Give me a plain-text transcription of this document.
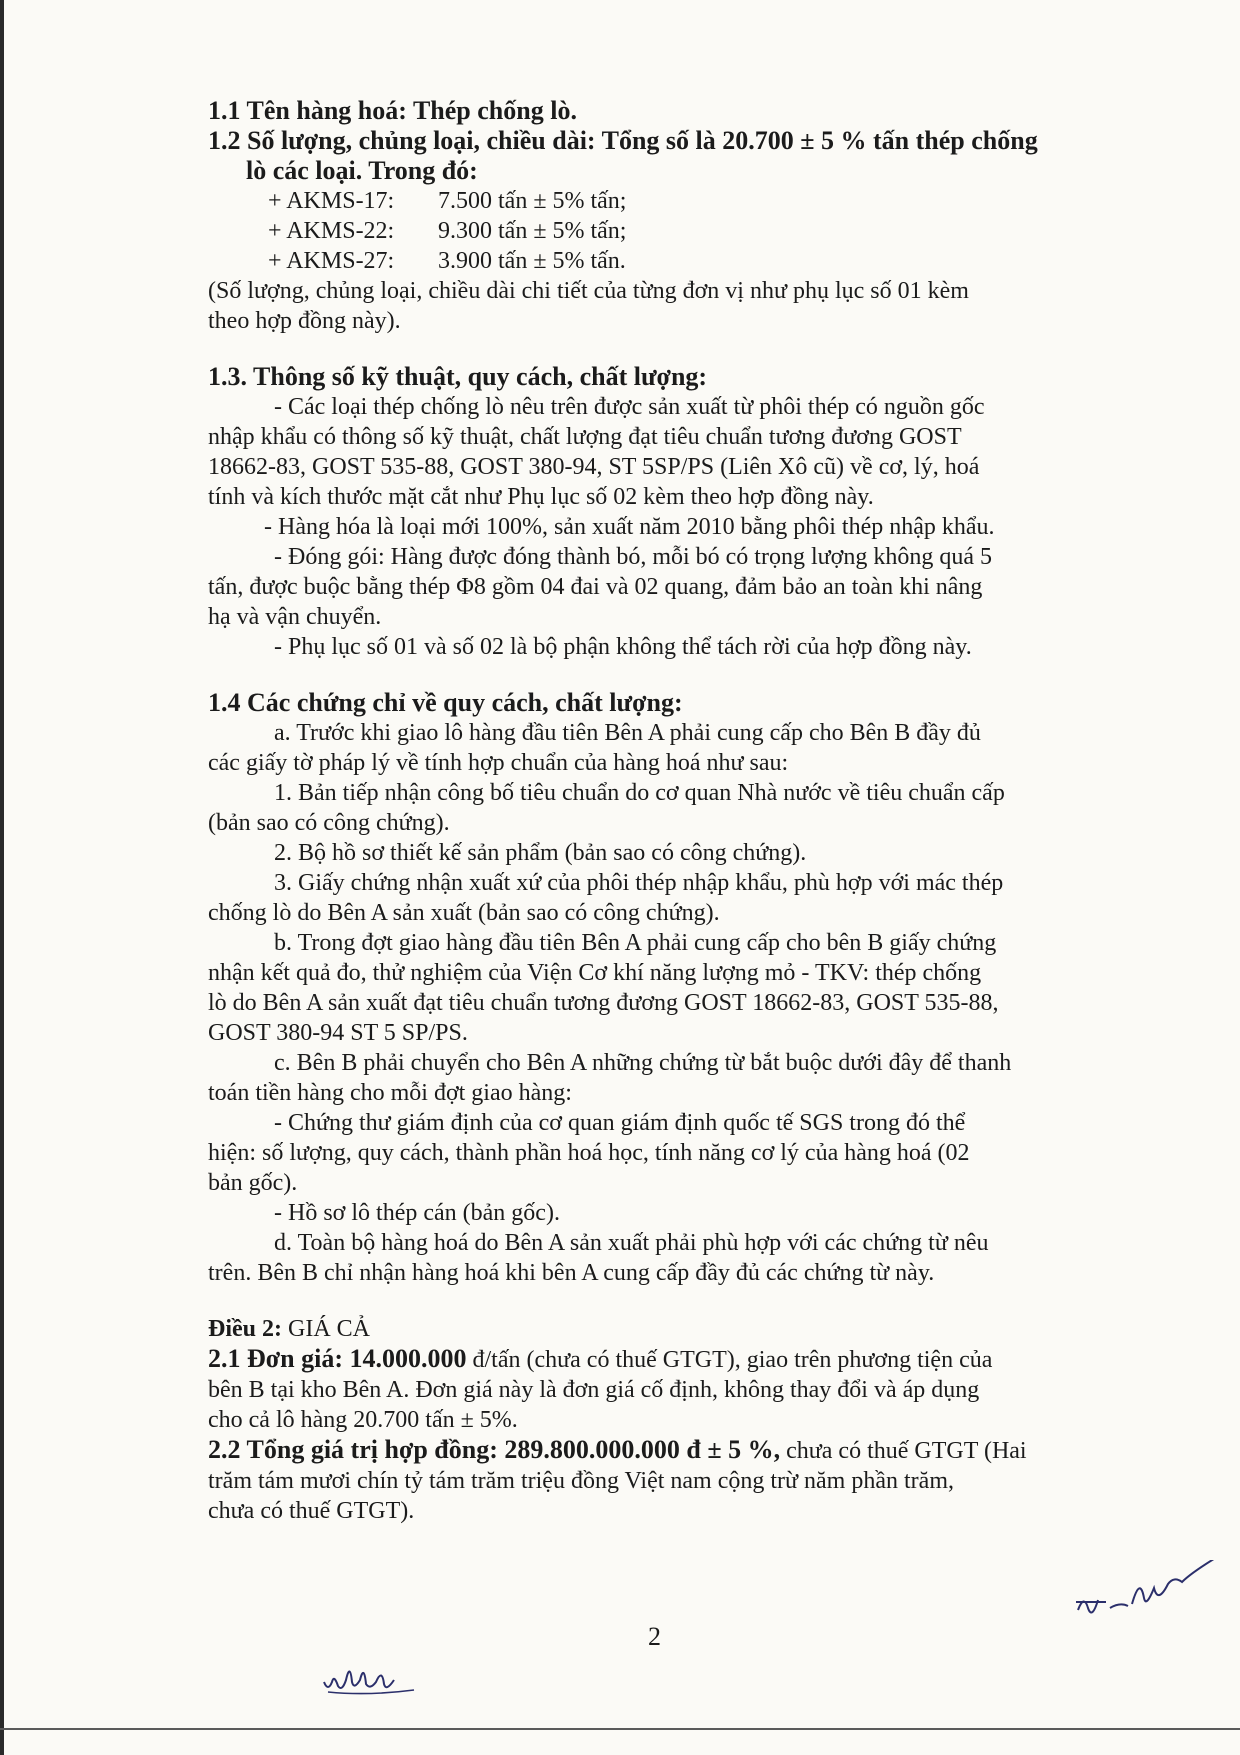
1.1 Tên hàng hoá: Thép chống lò.

1.2 Số lượng, chủng loại, chiều dài: Tổng số là 20.700 ± 5 % tấn thép chống

lò các loại. Trong đó:

+ AKMS-17: 7.500 tấn ± 5% tấn;

+ AKMS-22: 9.300 tấn ± 5% tấn;

+ AKMS-27: 3.900 tấn ± 5% tấn.

(Số lượng, chủng loại, chiều dài chi tiết của từng đơn vị như phụ lục số 01 kèm

theo hợp đồng này).

1.3. Thông số kỹ thuật, quy cách, chất lượng:

- Các loại thép chống lò nêu trên được sản xuất từ phôi thép có nguồn gốc

nhập khẩu có thông số kỹ thuật, chất lượng đạt tiêu chuẩn tương đương GOST

18662-83, GOST 535-88, GOST 380-94, ST 5SP/PS (Liên Xô cũ) về cơ, lý, hoá

tính và kích thước mặt cắt như Phụ lục số 02 kèm theo hợp đồng này.

- Hàng hóa là loại mới 100%, sản xuất năm 2010 bằng phôi thép nhập khẩu.

- Đóng gói: Hàng được đóng thành bó, mỗi bó có trọng lượng không quá 5

tấn, được buộc bằng thép Φ8 gồm 04 đai và 02 quang, đảm bảo an toàn khi nâng

hạ và vận chuyển.

- Phụ lục số 01 và số 02 là bộ phận không thể tách rời của hợp đồng này.

1.4 Các chứng chỉ về quy cách, chất lượng:

a. Trước khi giao lô hàng đầu tiên Bên A phải cung cấp cho Bên B đầy đủ

các giấy tờ pháp lý về tính hợp chuẩn của hàng hoá như sau:

1. Bản tiếp nhận công bố tiêu chuẩn do cơ quan Nhà nước về tiêu chuẩn cấp

(bản sao có công chứng).

2. Bộ hồ sơ thiết kế sản phẩm (bản sao có công chứng).

3. Giấy chứng nhận xuất xứ của phôi thép nhập khẩu, phù hợp với mác thép

chống lò do Bên A sản xuất (bản sao có công chứng).

b. Trong đợt giao hàng đầu tiên Bên A phải cung cấp cho bên B giấy chứng

nhận kết quả đo, thử nghiệm của Viện Cơ khí năng lượng mỏ - TKV: thép chống

lò do Bên A sản xuất đạt tiêu chuẩn tương đương GOST 18662-83, GOST 535-88,

GOST 380-94 ST 5 SP/PS.

c. Bên B phải chuyển cho Bên A những chứng từ bắt buộc dưới đây để thanh

toán tiền hàng cho mỗi đợt giao hàng:

- Chứng thư giám định của cơ quan giám định quốc tế SGS trong đó thể

hiện: số lượng, quy cách, thành phần hoá học, tính năng cơ lý của hàng hoá (02

bản gốc).

- Hồ sơ lô thép cán (bản gốc).

d. Toàn bộ hàng hoá do Bên A sản xuất phải phù hợp với các chứng từ nêu

trên. Bên B chỉ nhận hàng hoá khi bên A cung cấp đầy đủ các chứng từ này.

Điều 2: GIÁ CẢ

2.1 Đơn giá: 14.000.000 đ/tấn (chưa có thuế GTGT), giao trên phương tiện của

bên B tại kho Bên A. Đơn giá này là đơn giá cố định, không thay đổi và áp dụng

cho cả lô hàng 20.700 tấn ± 5%.

2.2 Tổng giá trị hợp đồng: 289.800.000.000 đ ± 5 %, chưa có thuế GTGT (Hai

trăm tám mươi chín tỷ tám trăm triệu đồng Việt nam cộng trừ năm phần trăm,

chưa có thuế GTGT).

2
